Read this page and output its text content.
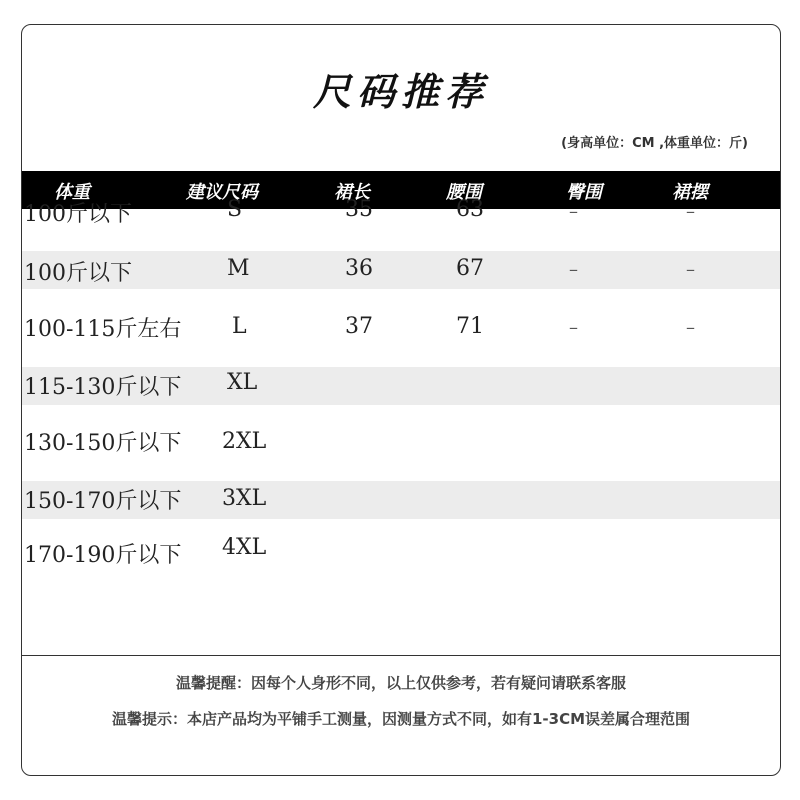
尺码推荐
(身高单位：CM ,体重单位：斤)
体重	建议尺码	裙长	腰围	臀围	裙摆
100斤以下	S	35	63	–	–
100斤以下	M	36	67	–	–
100-115斤左右 L	37	71	–	–
115-130斤以下 XL
130-150斤以下 2XL
150-170斤以下 3XL
170-190斤以下 4XL
温馨提醒：因每个人身形不同，以上仅供参考，若有疑问请联系客服
温馨提示：本店产品均为平铺手工测量，因测量方式不同，如有1-3CM误差属合理范围
